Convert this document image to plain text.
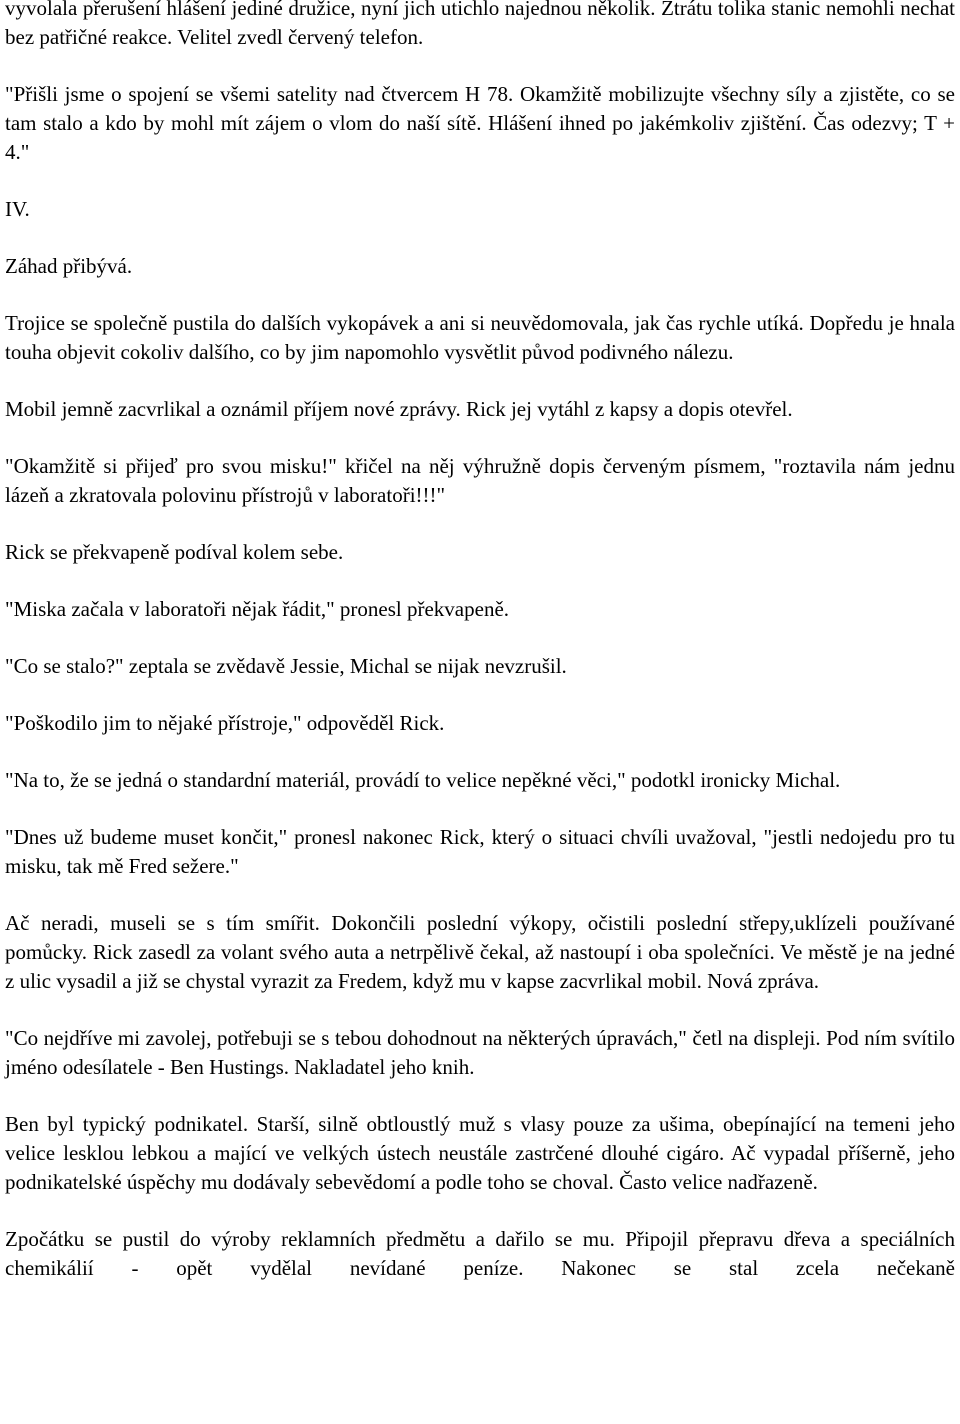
vyvolala přerušení hlášení jediné družice, nyní jich utichlo najednou několik. Ztrátu tolika stanic nemohli nechat bez patřičné reakce. Velitel zvedl červený telefon.

"Přišli jsme o spojení se všemi satelity nad čtvercem H 78. Okamžitě mobilizujte všechny síly a zjistěte, co se tam stalo a kdo by mohl mít zájem o vlom do naší sítě. Hlášení ihned po jakémkoliv zjištění. Čas odezvy; T + 4."

IV.

Záhad přibývá.

Trojice se společně pustila do dalších vykopávek a ani si neuvědomovala, jak čas rychle utíká. Dopředu je hnala touha objevit cokoliv dalšího, co by jim napomohlo vysvětlit původ podivného nálezu.

Mobil jemně zacvrlikal a oznámil příjem nové zprávy. Rick jej vytáhl z kapsy a dopis otevřel.

"Okamžitě si přijeď pro svou misku!" křičel na něj výhružně dopis červeným písmem, "roztavila nám jednu lázeň a zkratovala polovinu přístrojů v laboratoři!!!"

Rick se překvapeně podíval kolem sebe.

"Miska začala v laboratoři nějak řádit," pronesl překvapeně.

"Co se stalo?" zeptala se zvědavě Jessie, Michal se nijak nevzrušil.

"Poškodilo jim to nějaké přístroje," odpověděl Rick.

"Na to, že se jedná o standardní materiál, provádí to velice nepěkné věci," podotkl ironicky Michal.

"Dnes už budeme muset končit," pronesl nakonec Rick, který o situaci chvíli uvažoval, "jestli nedojedu pro tu misku, tak mě Fred sežere."

Ač neradi, museli se s tím smířit. Dokončili poslední výkopy, očistili poslední střepy,uklízeli používané pomůcky. Rick zasedl za volant svého auta a netrpělivě čekal, až nastoupí i oba společníci. Ve městě je na jedné z ulic vysadil a již se chystal vyrazit za Fredem, když mu v kapse zacvrlikal mobil. Nová zpráva.

"Co nejdříve mi zavolej, potřebuji se s tebou dohodnout na některých úpravách," četl na displeji. Pod ním svítilo jméno odesílatele - Ben Hustings. Nakladatel jeho knih.

Ben byl typický podnikatel. Starší, silně obtloustlý muž s vlasy pouze za ušima, obepínající na temeni jeho velice lesklou lebkou a mající ve velkých ústech neustále zastrčené dlouhé cigáro. Ač vypadal příšerně, jeho podnikatelské úspěchy mu dodávaly sebevědomí a podle toho se choval. Často velice nadřazeně.

Zpočátku se pustil do výroby reklamních předmětu a dařilo se mu. Připojil přepravu dřeva a speciálních chemikálií - opět vydělal nevídané peníze. Nakonec se stal zcela nečekaně
